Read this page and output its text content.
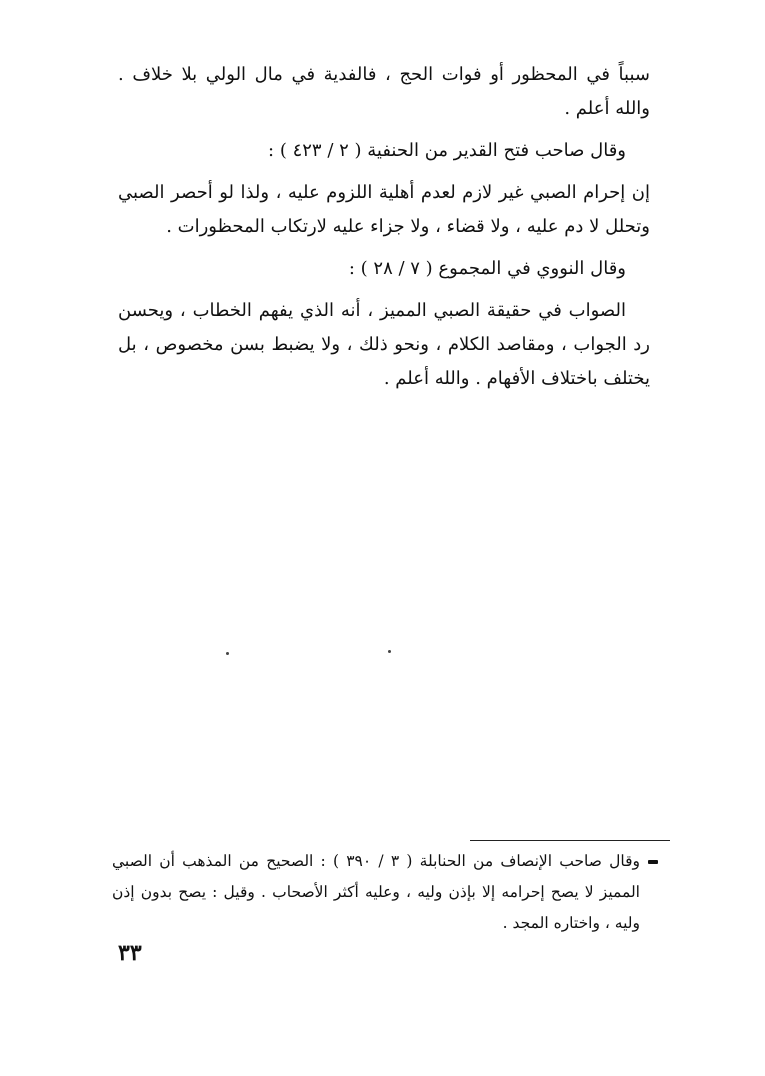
سبباً في المحظور أو فوات الحج ، فالفدية في مال الولي بلا خلاف . والله أعلم .

وقال صاحب فتح القدير من الحنفية ( ٢ / ٤٢٣ ) :

إن إحرام الصبي غير لازم لعدم أهلية اللزوم عليه ، ولذا لو أحصر الصبي وتحلل لا دم عليه ، ولا قضاء ، ولا جزاء عليه لارتكاب المحظورات .

وقال النووي في المجموع ( ٧ / ٢٨ ) :

الصواب في حقيقة الصبي المميز ، أنه الذي يفهم الخطاب ، ويحسن رد الجواب ، ومقاصد الكلام ، ونحو ذلك ، ولا يضبط بسن مخصوص ، بل يختلف باختلاف الأفهام . والله أعلم .

وقال صاحب الإنصاف من الحنابلة ( ٣ / ٣٩٠ ) : الصحيح من المذهب أن الصبي المميز لا يصح إحرامه إلا بإذن وليه ، وعليه أكثر الأصحاب . وقيل : يصح بدون إذن وليه ، واختاره المجد .

٣٣
